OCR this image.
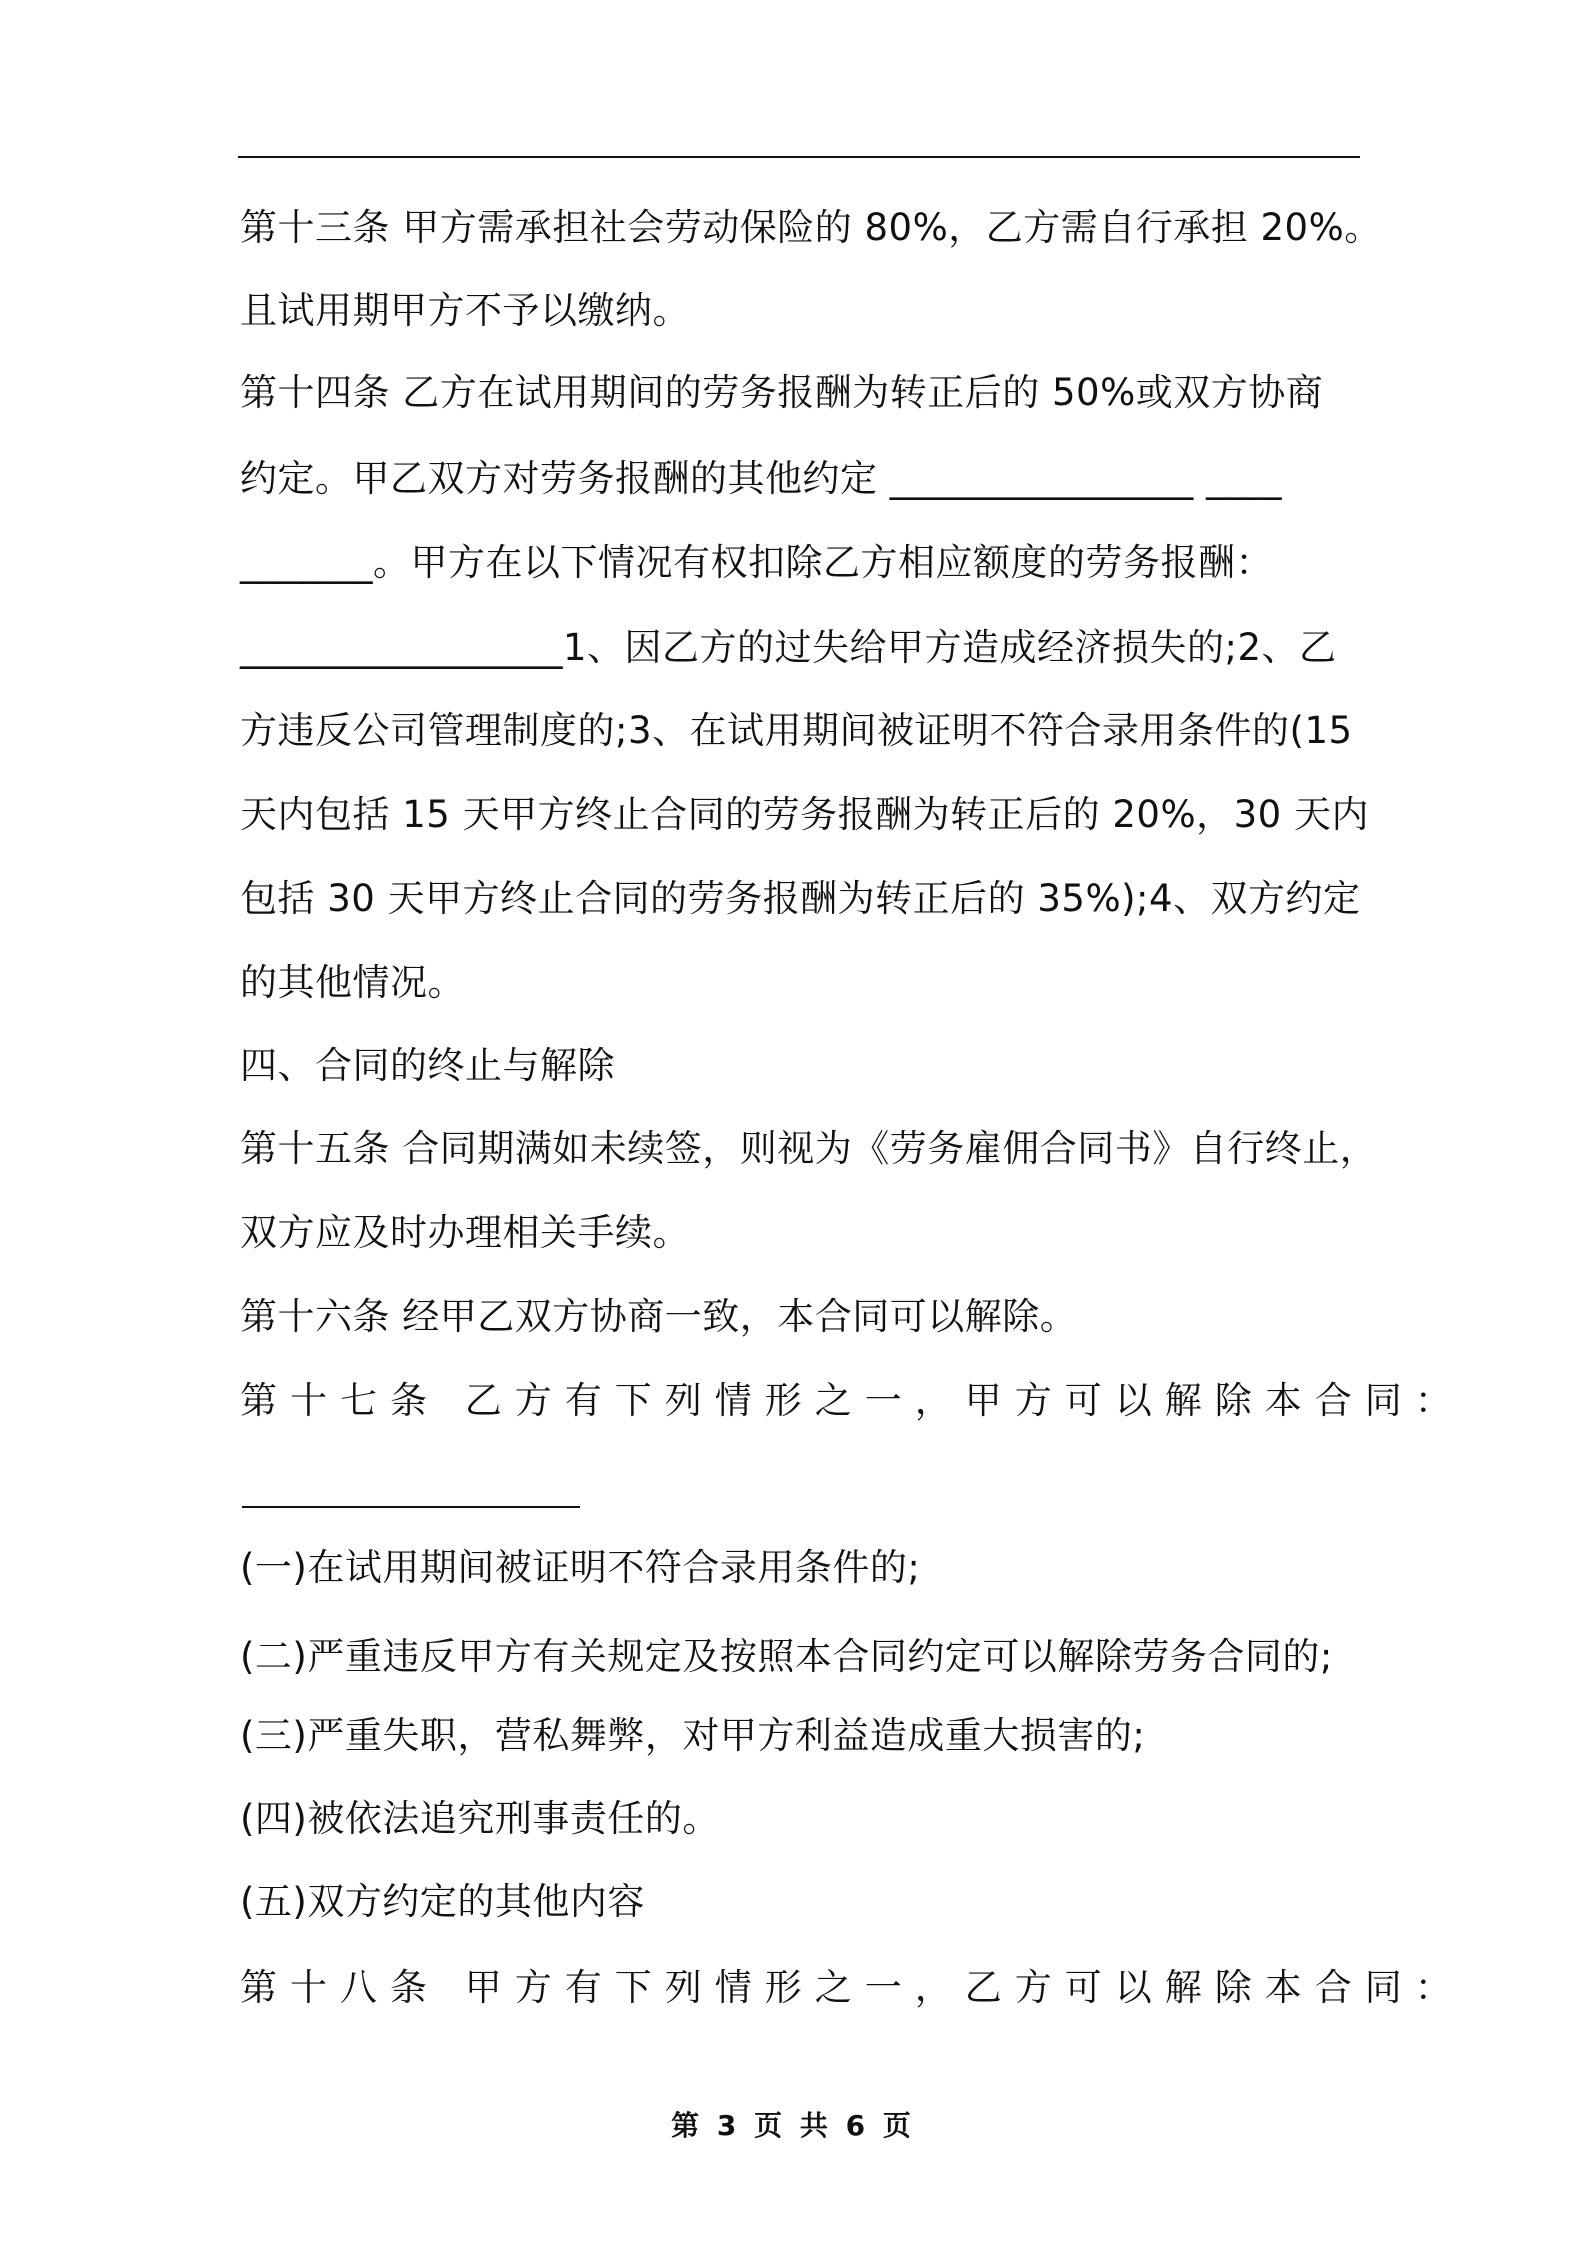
第十三条 甲方需承担社会劳动保险的 80%，乙方需自行承担 20%。
且试用期甲方不予以缴纳。
第十四条 乙方在试用期间的劳务报酬为转正后的 50%或双方协商
约定。甲乙双方对劳务报酬的其他约定 ________________ ____
_______。甲方在以下情况有权扣除乙方相应额度的劳务报酬：
_________________1、因乙方的过失给甲方造成经济损失的;2、乙
方违反公司管理制度的;3、在试用期间被证明不符合录用条件的(15
天内包括 15 天甲方终止合同的劳务报酬为转正后的 20%，30 天内
包括 30 天甲方终止合同的劳务报酬为转正后的 35%);4、双方约定
的其他情况。
四、合同的终止与解除
第十五条 合同期满如未续签，则视为《劳务雇佣合同书》自行终止，
双方应及时办理相关手续。
第十六条 经甲乙双方协商一致，本合同可以解除。
第十七条 乙方有下列情形之一，甲方可以解除本合同：
(一)在试用期间被证明不符合录用条件的;
(二)严重违反甲方有关规定及按照本合同约定可以解除劳务合同的;
(三)严重失职，营私舞弊，对甲方利益造成重大损害的;
(四)被依法追究刑事责任的。
(五)双方约定的其他内容
第十八条 甲方有下列情形之一，乙方可以解除本合同：
第 3 页 共 6 页
